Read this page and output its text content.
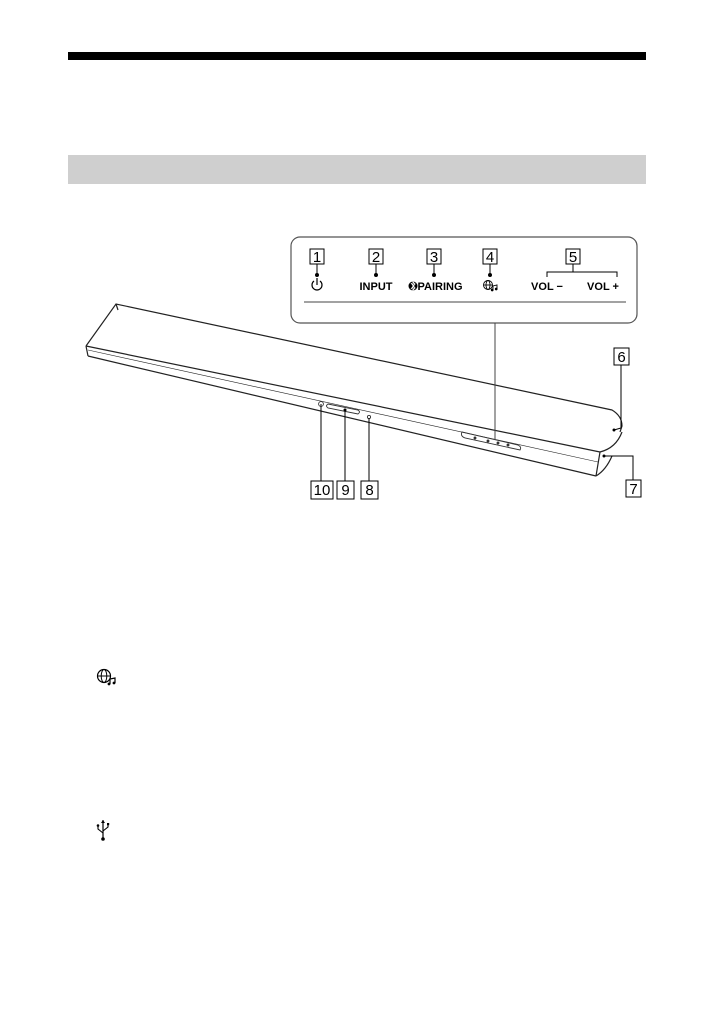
1	2	3	4	5
INPUT PAIRING	VOL − VOL +
6
7
10 9 8
